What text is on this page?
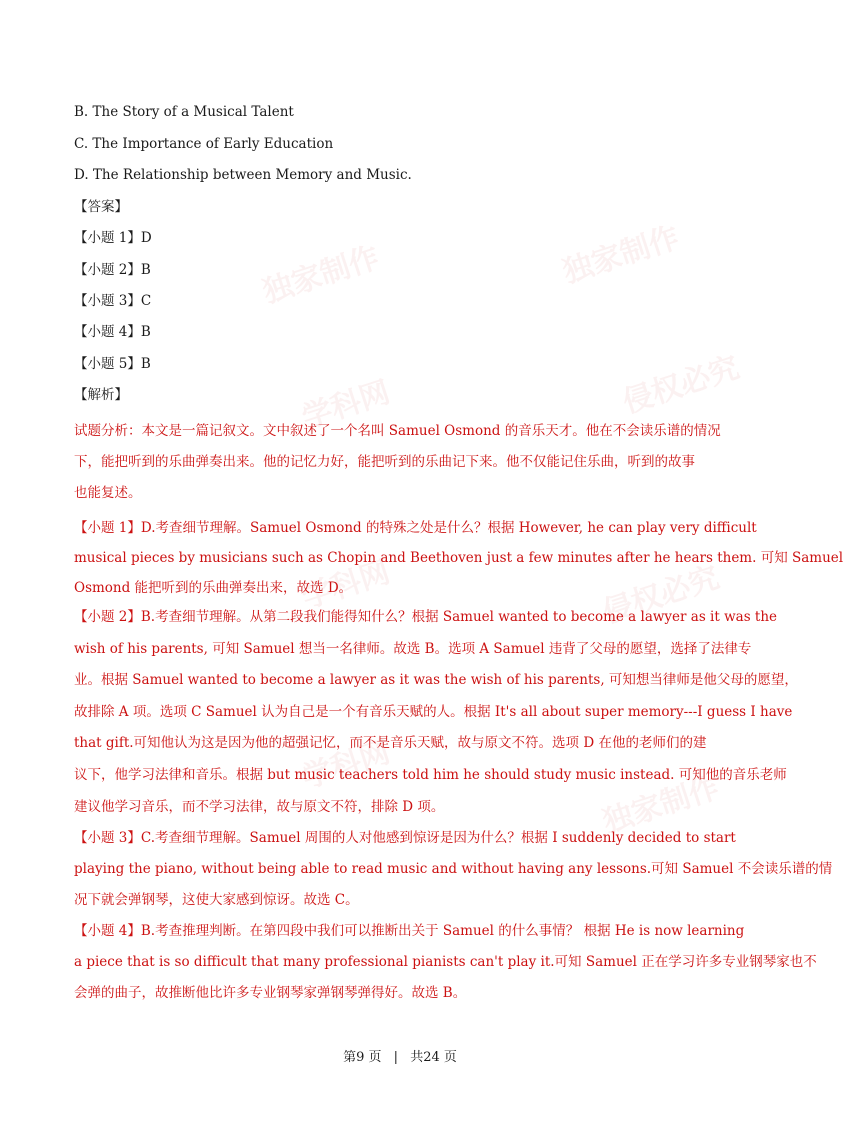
独家制作	独家制作
学科网	侵权必究
学科网	侵权必究
学科网
独家制作
B. The Story of a Musical Talent
C. The Importance of Early Education
D. The Relationship between Memory and Music.
【答案】
【小题 1】D
【小题 2】B
【小题 3】C
【小题 4】B
【小题 5】B
【解析】
试题分析：本文是一篇记叙文。文中叙述了一个名叫 Samuel Osmond 的音乐天才。他在不会读乐谱的情况
下，能把听到的乐曲弹奏出来。他的记忆力好，能把听到的乐曲记下来。他不仅能记住乐曲，听到的故事
也能复述。
【小题 1】D.考查细节理解。Samuel Osmond 的特殊之处是什么？根据 However, he can play very difficult
musical pieces by musicians such as Chopin and Beethoven just a few minutes after he hears them. 可知 Samuel
Osmond 能把听到的乐曲弹奏出来，故选 D。
【小题 2】B.考查细节理解。从第二段我们能得知什么？根据 Samuel wanted to become a lawyer as it was the
wish of his parents, 可知 Samuel 想当一名律师。故选 B。选项 A Samuel 违背了父母的愿望，选择了法律专
业。根据 Samuel wanted to become a lawyer as it was the wish of his parents, 可知想当律师是他父母的愿望，
故排除 A 项。选项 C Samuel 认为自己是一个有音乐天赋的人。根据 It's all about super memory---I guess I have
that gift.可知他认为这是因为他的超强记忆，而不是音乐天赋，故与原文不符。选项 D 在他的老师们的建
议下，他学习法律和音乐。根据 but music teachers told him he should study music instead. 可知他的音乐老师
建议他学习音乐，而不学习法律，故与原文不符，排除 D 项。
【小题 3】C.考查细节理解。Samuel 周围的人对他感到惊讶是因为什么？根据 I suddenly decided to start
playing the piano, without being able to read music and without having any lessons.可知 Samuel 不会读乐谱的情
况下就会弹钢琴，这使大家感到惊讶。故选 C。
【小题 4】B.考查推理判断。在第四段中我们可以推断出关于 Samuel 的什么事情？ 根据 He is now learning
a piece that is so difficult that many professional pianists can't play it.可知 Samuel 正在学习许多专业钢琴家也不
会弹的曲子，故推断他比许多专业钢琴家弹钢琴弹得好。故选 B。
第9 页 | 共24 页
